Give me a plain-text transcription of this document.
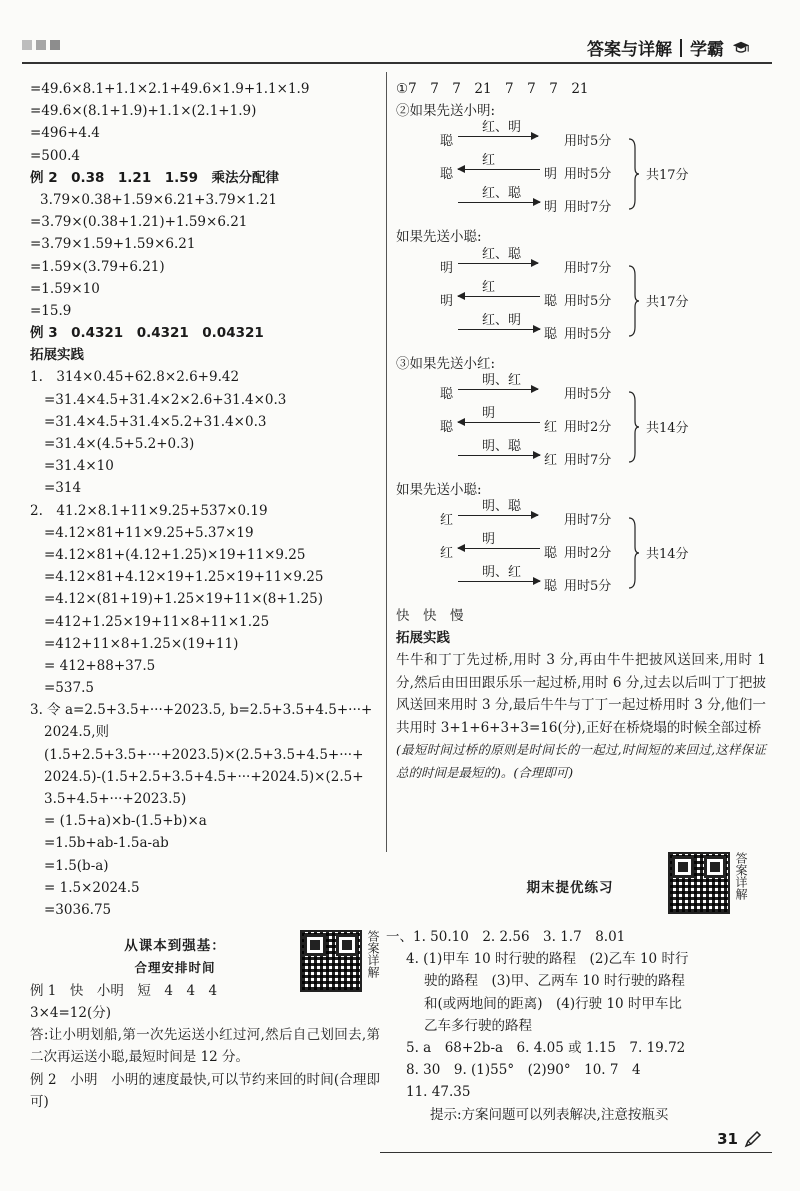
答案与详解 学霸
=49.6×8.1+1.1×2.1+49.6×1.9+1.1×1.9
=49.6×(8.1+1.9)+1.1×(2.1+1.9)
=496+4.4
=500.4
例 2　0.38　1.21　1.59　乘法分配律
3.79×0.38+1.59×6.21+3.79×1.21
=3.79×(0.38+1.21)+1.59×6.21
=3.79×1.59+1.59×6.21
=1.59×(3.79+6.21)
=1.59×10
=15.9
例 3　0.4321　0.4321　0.04321
拓展实践
1.　314×0.45+62.8×2.6+9.42
=31.4×4.5+31.4×2×2.6+31.4×0.3
=31.4×4.5+31.4×5.2+31.4×0.3
=31.4×(4.5+5.2+0.3)
=31.4×10
=314
2.　41.2×8.1+11×9.25+537×0.19
=4.12×81+11×9.25+5.37×19
=4.12×81+(4.12+1.25)×19+11×9.25
=4.12×81+4.12×19+1.25×19+11×9.25
=4.12×(81+19)+1.25×19+11×(8+1.25)
=412+1.25×19+11×8+11×1.25
=412+11×8+1.25×(19+11)
= 412+88+37.5
=537.5
3. 令 a=2.5+3.5+···+2023.5, b=2.5+3.5+4.5+···+
2024.5,则
(1.5+2.5+3.5+···+2023.5)×(2.5+3.5+4.5+···+
2024.5)-(1.5+2.5+3.5+4.5+···+2024.5)×(2.5+
3.5+4.5+···+2023.5)
= (1.5+a)×b-(1.5+b)×a
=1.5b+ab-1.5a-ab
=1.5(b-a)
= 1.5×2024.5
=3036.75
从课本到强基：
合理安排时间
例 1　快　小明　短　4　4　4
3×4=12(分)
答:让小明划船,第一次先运送小红过河,然后自己划回去,第二次再运送小聪,最短时间是 12 分。
例 2　小明　小明的速度最快,可以节约来回的时间(合理即可)
答案详解
①7　7　7　21　7　7　7　21
②如果先送小明:
聪
红、明
用时5分
聪
红
明 用时5分
红、聪
明 用时7分
共17分
如果先送小聪:
明
红、聪
用时7分
明
红
聪 用时5分
红、明
聪 用时5分
共17分
③如果先送小红:
聪
明、红
用时5分
聪
明
红 用时2分
明、聪
红 用时7分
共14分
如果先送小聪:
红
明、聪
用时7分
红
明
聪 用时2分
明、红
聪 用时5分
共14分
快　快　慢
拓展实践
牛牛和丁丁先过桥,用时 3 分,再由牛牛把披风送回来,用时 1 分,然后由田田跟乐乐一起过桥,用时 6 分,过去以后叫丁丁把披风送回来用时 3 分,最后牛牛与丁丁一起过桥用时 3 分,他们一共用时 3+1+6+3+3=16(分),正好在桥烧塌的时候全部过桥
(最短时间过桥的原则是时间长的一起过,时间短的来回过,这样保证总的时间是最短的)。(合理即可)
答案详解
期末提优练习
一、1. 50.10　2. 2.56　3. 1.7　8.01
4. (1)甲车 10 时行驶的路程　(2)乙车 10 时行
驶的路程　(3)甲、乙两车 10 时行驶的路程
和(或两地间的距离)　(4)行驶 10 时甲车比
乙车多行驶的路程
5. a　68+2b-a　6. 4.05 或 1.15　7. 19.72
8. 30　9. (1)55°　(2)90°　10. 7　4
11. 47.35
提示:方案问题可以列表解决,注意按瓶买
31
